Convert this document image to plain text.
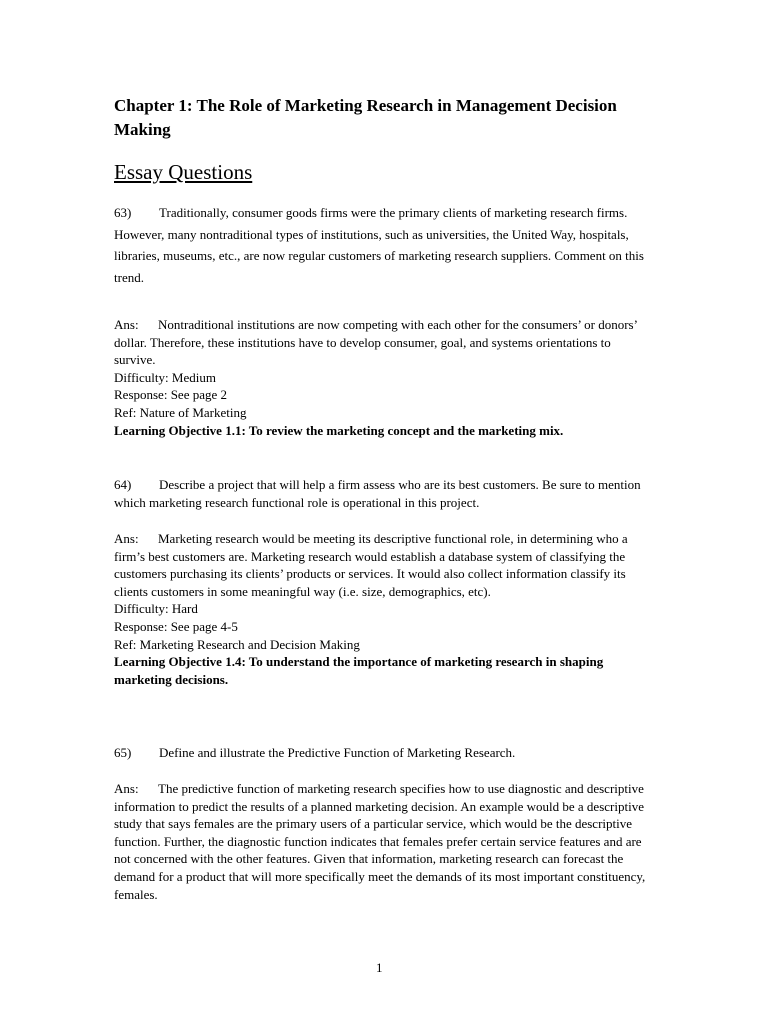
Chapter 1: The Role of Marketing Research in Management Decision Making
Essay Questions

63) Traditionally, consumer goods firms were the primary clients of marketing research firms. However, many nontraditional types of institutions, such as universities, the United Way, hospitals, libraries, museums, etc., are now regular customers of marketing research suppliers. Comment on this trend.

Ans: Nontraditional institutions are now competing with each other for the consumers’ or donors’ dollar. Therefore, these institutions have to develop consumer, goal, and systems orientations to survive.

Difficulty: Medium

Response: See page 2

Ref: Nature of Marketing

Learning Objective 1.1: To review the marketing concept and the marketing mix.

64) Describe a project that will help a firm assess who are its best customers. Be sure to mention which marketing research functional role is operational in this project.

Ans: Marketing research would be meeting its descriptive functional role, in determining who a firm’s best customers are. Marketing research would establish a database system of classifying the customers purchasing its clients’ products or services. It would also collect information classify its clients customers in some meaningful way (i.e. size, demographics, etc).

Difficulty: Hard

Response: See page 4-5

Ref: Marketing Research and Decision Making

Learning Objective 1.4: To understand the importance of marketing research in shaping marketing decisions.

65) Define and illustrate the Predictive Function of Marketing Research.

Ans: The predictive function of marketing research specifies how to use diagnostic and descriptive information to predict the results of a planned marketing decision. An example would be a descriptive study that says females are the primary users of a particular service, which would be the descriptive function. Further, the diagnostic function indicates that females prefer certain service features and are not concerned with the other features. Given that information, marketing research can forecast the demand for a product that will more specifically meet the demands of its most important constituency, females.

1
